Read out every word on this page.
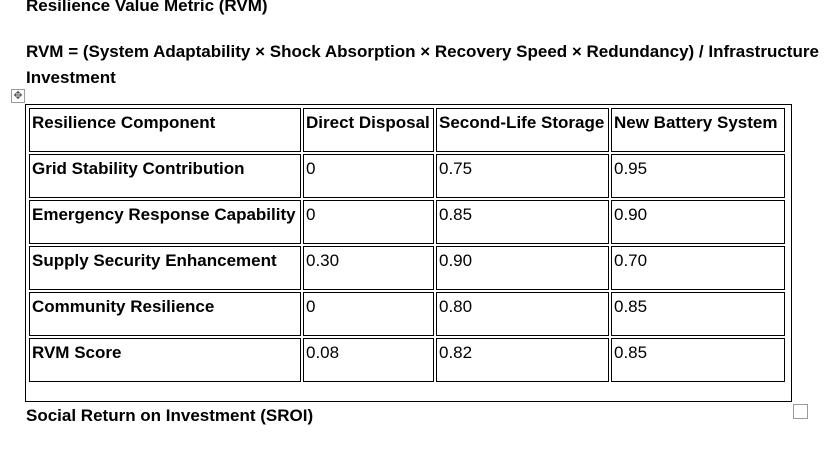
Resilience Value Metric (RVM)

RVM = (System Adaptability × Shock Absorption × Recovery Speed × Redundancy) / Infrastructure
Investment

✥
Resilience Component	Direct Disposal	Second-Life Storage	New Battery System
Grid Stability Contribution	0	0.75	0.95
Emergency Response Capability	0	0.85	0.90
Supply Security Enhancement	0.30	0.90	0.70
Community Resilience	0	0.80	0.85
RVM Score	0.08	0.82	0.85

Social Return on Investment (SROI)
